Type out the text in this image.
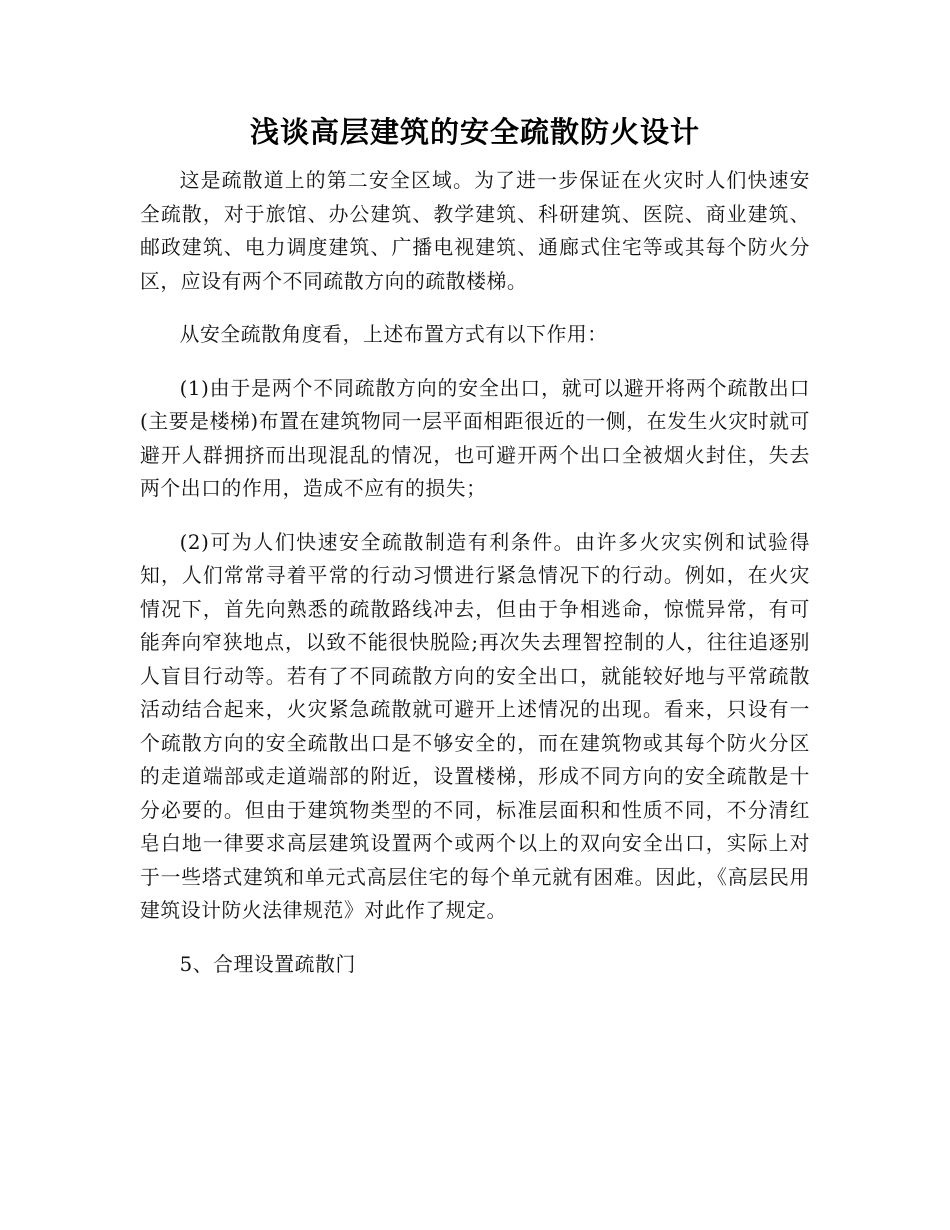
浅谈高层建筑的安全疏散防火设计

这是疏散道上的第二安全区域。为了进一步保证在火灾时人们快速安全疏散，对于旅馆、办公建筑、教学建筑、科研建筑、医院、商业建筑、邮政建筑、电力调度建筑、广播电视建筑、通廊式住宅等或其每个防火分区，应设有两个不同疏散方向的疏散楼梯。

从安全疏散角度看，上述布置方式有以下作用：

(1)由于是两个不同疏散方向的安全出口，就可以避开将两个疏散出口(主要是楼梯)布置在建筑物同一层平面相距很近的一侧，在发生火灾时就可避开人群拥挤而出现混乱的情况，也可避开两个出口全被烟火封住，失去两个出口的作用，造成不应有的损失；

(2)可为人们快速安全疏散制造有利条件。由许多火灾实例和试验得知，人们常常寻着平常的行动习惯进行紧急情况下的行动。例如，在火灾情况下，首先向熟悉的疏散路线冲去，但由于争相逃命，惊慌异常，有可能奔向窄狭地点，以致不能很快脱险;再次失去理智控制的人，往往追逐别人盲目行动等。若有了不同疏散方向的安全出口，就能较好地与平常疏散活动结合起来，火灾紧急疏散就可避开上述情况的出现。看来，只设有一个疏散方向的安全疏散出口是不够安全的，而在建筑物或其每个防火分区的走道端部或走道端部的附近，设置楼梯，形成不同方向的安全疏散是十分必要的。但由于建筑物类型的不同，标准层面积和性质不同，不分清红皂白地一律要求高层建筑设置两个或两个以上的双向安全出口，实际上对于一些塔式建筑和单元式高层住宅的每个单元就有困难。因此，《高层民用建筑设计防火法律规范》对此作了规定。

5、合理设置疏散门
